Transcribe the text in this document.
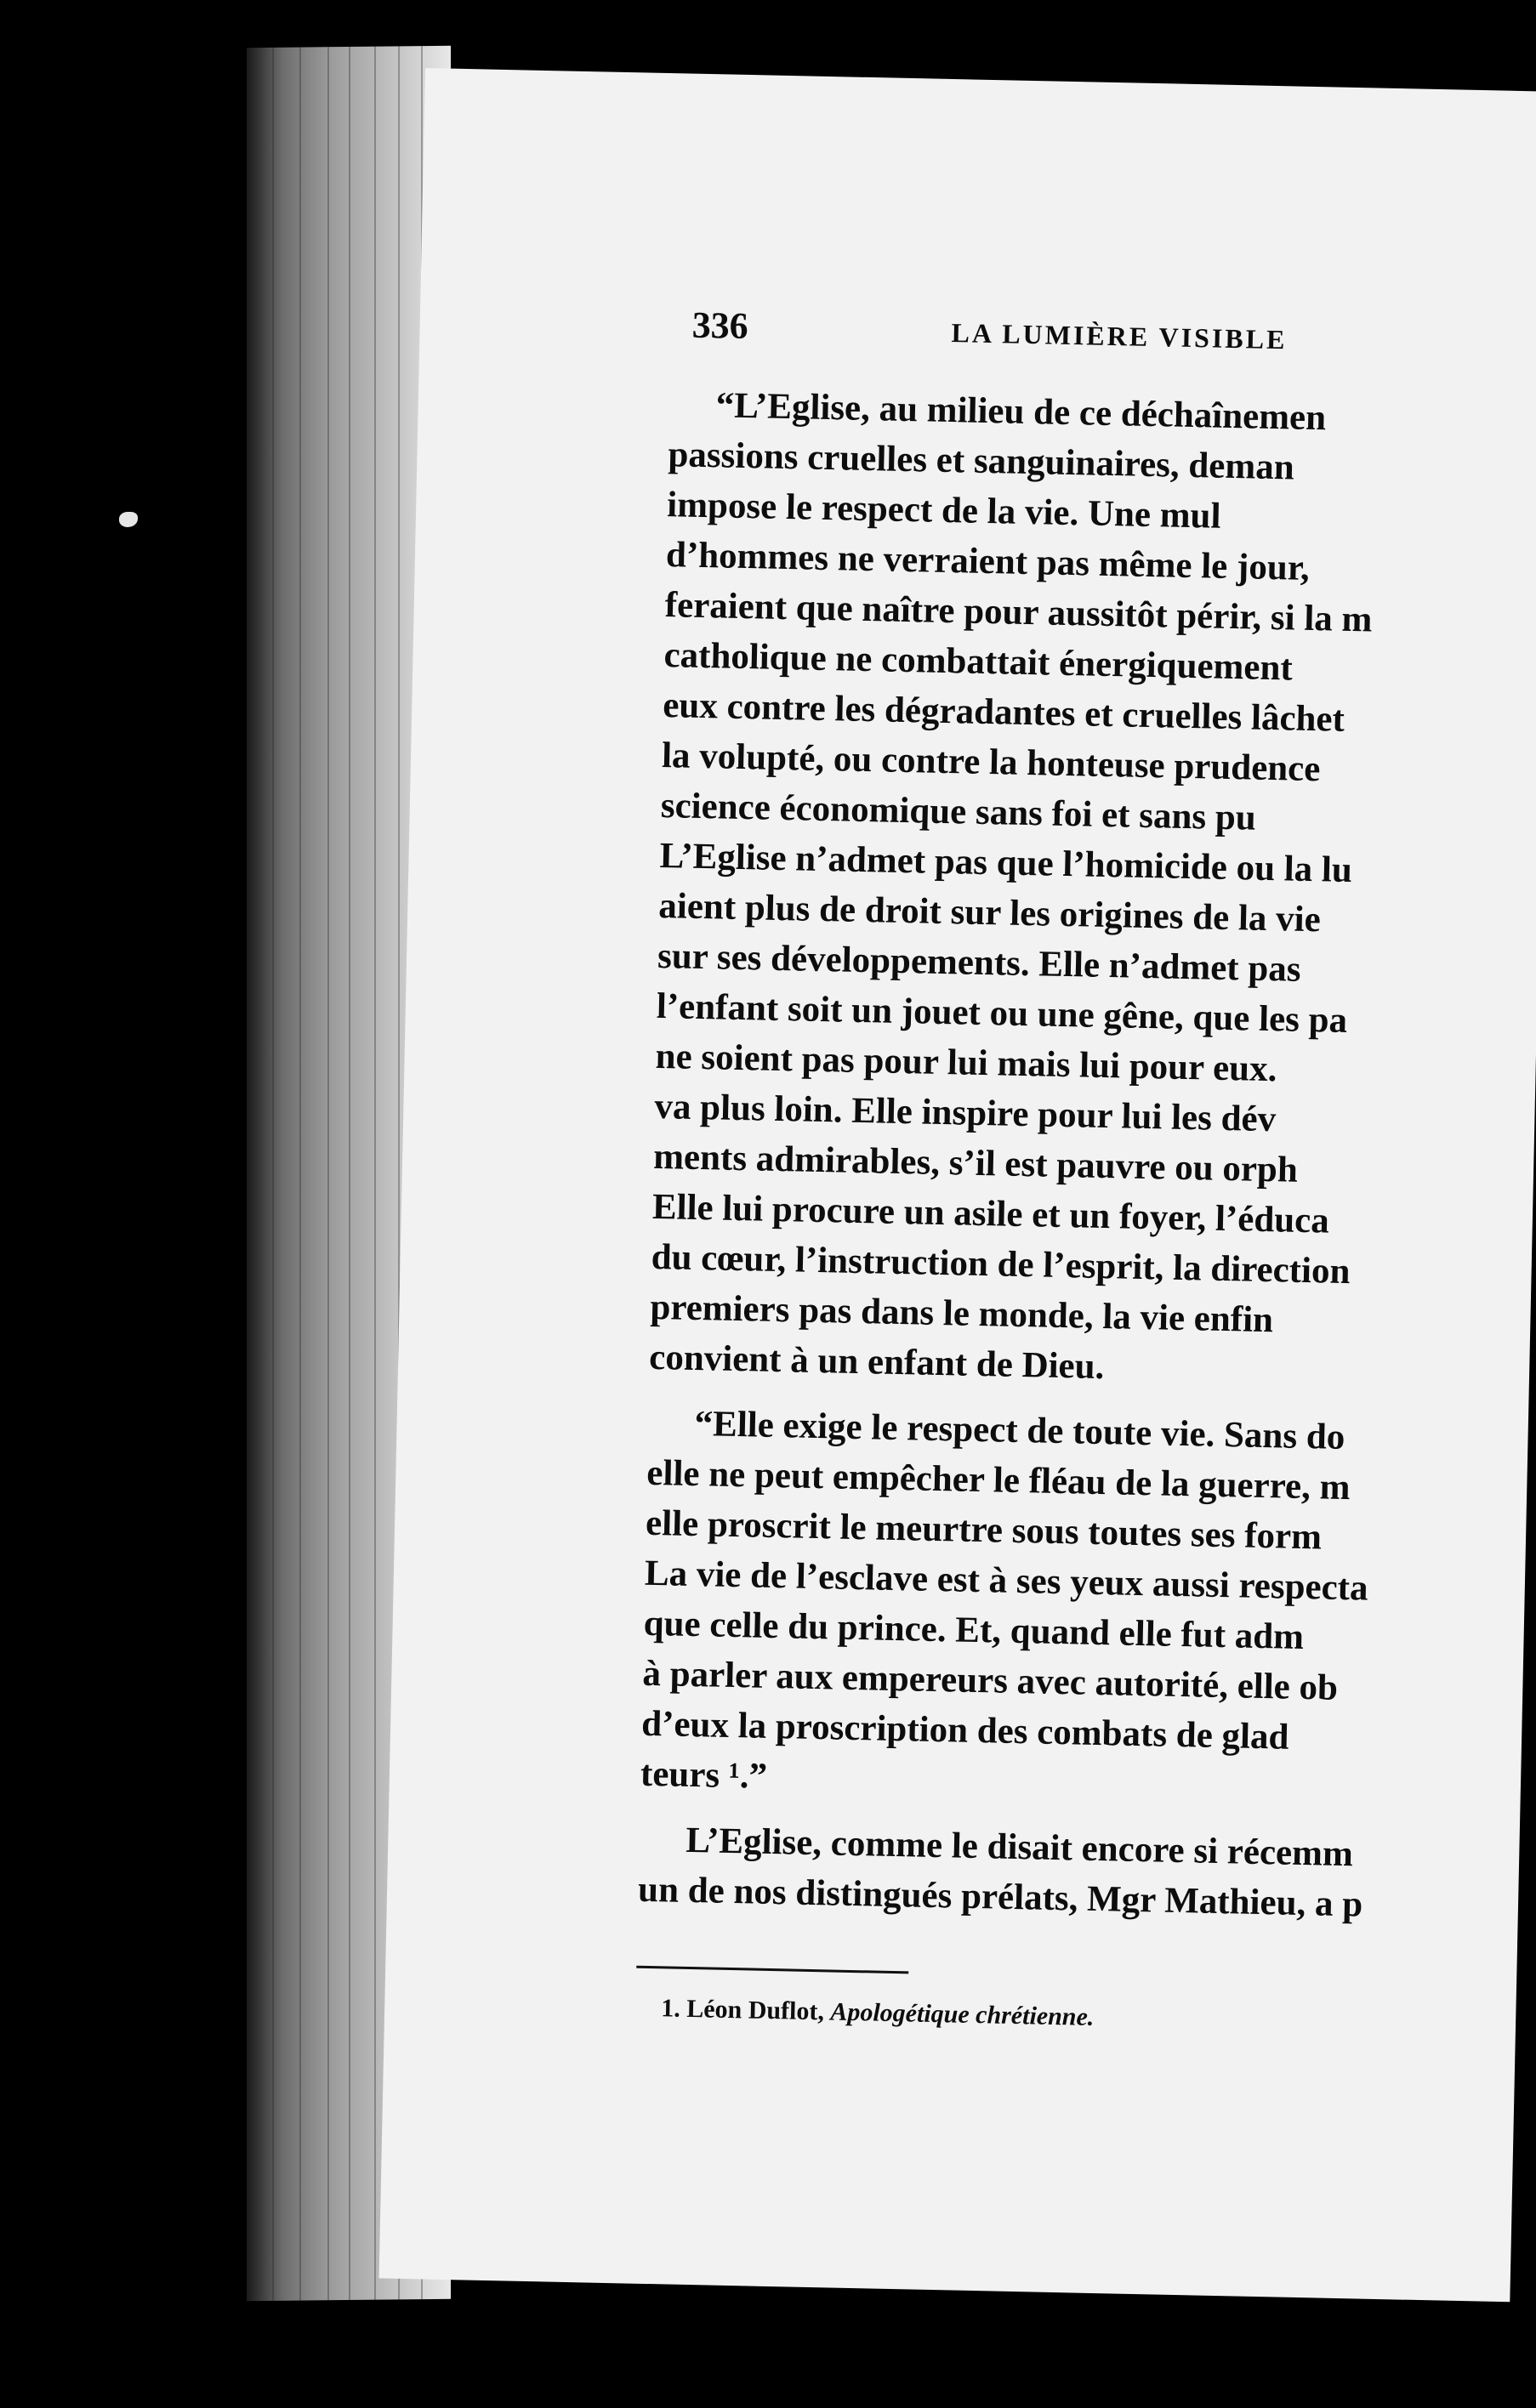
336	LA LUMIÈRE VISIBLE
“L’Eglise, au milieu de ce déchaînemen
passions cruelles et sanguinaires, deman
impose le respect de la vie. Une mul
d’hommes ne verraient pas même le jour,
feraient que naître pour aussitôt périr, si la m
catholique ne combattait énergiquement
eux contre les dégradantes et cruelles lâchet
la volupté, ou contre la honteuse prudence
science économique sans foi et sans pu
L’Eglise n’admet pas que l’homicide ou la lu
aient plus de droit sur les origines de la vie
sur ses développements. Elle n’admet pas
l’enfant soit un jouet ou une gêne, que les pa
ne soient pas pour lui mais lui pour eux.
va plus loin. Elle inspire pour lui les dév
ments admirables, s’il est pauvre ou orph
Elle lui procure un asile et un foyer, l’éduca
du cœur, l’instruction de l’esprit, la direction
premiers pas dans le monde, la vie enfin
convient à un enfant de Dieu.
“Elle exige le respect de toute vie. Sans do
elle ne peut empêcher le fléau de la guerre, m
elle proscrit le meurtre sous toutes ses form
La vie de l’esclave est à ses yeux aussi respecta
que celle du prince. Et, quand elle fut adm
à parler aux empereurs avec autorité, elle ob
d’eux la proscription des combats de glad
teurs ¹.”
L’Eglise, comme le disait encore si récemm
un de nos distingués prélats, Mgr Mathieu, a p
1. Léon Duflot, Apologétique chrétienne.
